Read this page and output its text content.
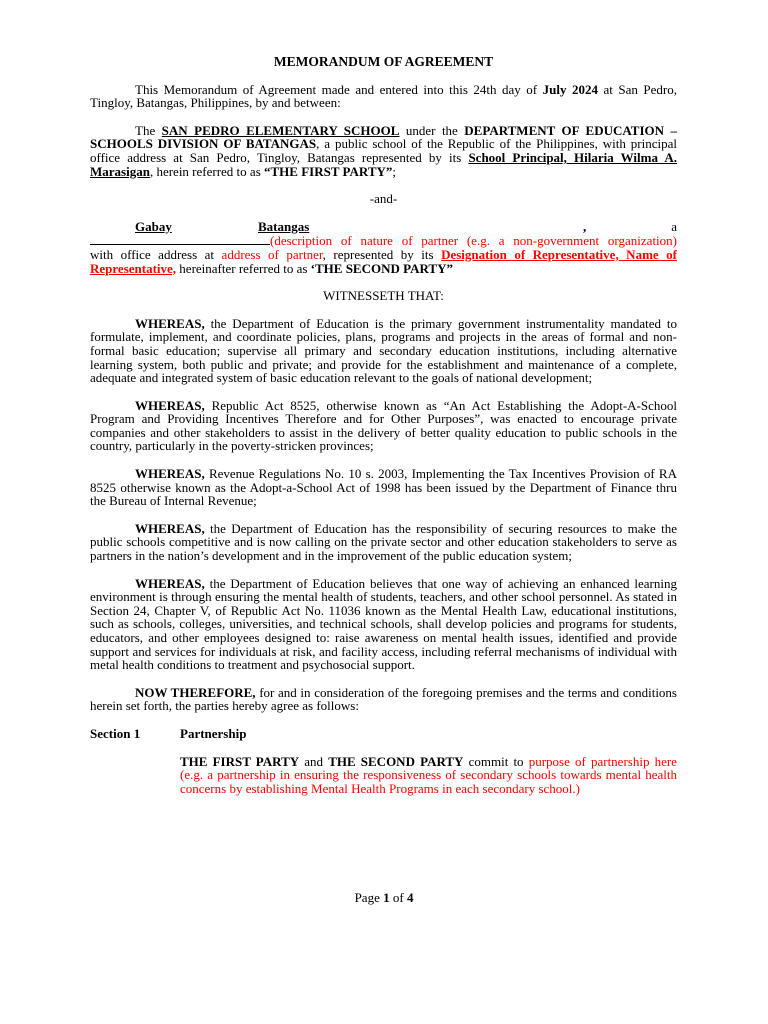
MEMORANDUM OF AGREEMENT

This Memorandum of Agreement made and entered into this 24th day of July 2024 at San Pedro, Tingloy, Batangas, Philippines, by and between:

The SAN PEDRO ELEMENTARY SCHOOL under the DEPARTMENT OF EDUCATION – SCHOOLS DIVISION OF BATANGAS, a public school of the Republic of the Philippines, with principal office address at San Pedro, Tingloy, Batangas represented by its School Principal, Hilaria Wilma A. Marasigan, herein referred to as “THE FIRST PARTY”;

-and-

Gabay	Batangas	,	a

(description of nature of partner (e.g. a non-government organization)

with office address at address of partner, represented by its Designation of Representative, Name of Representative, hereinafter referred to as ‘THE SECOND PARTY”

WITNESSETH THAT:

WHEREAS, the Department of Education is the primary government instrumentality mandated to formulate, implement, and coordinate policies, plans, programs and projects in the areas of formal and non-formal basic education; supervise all primary and secondary education institutions, including alternative learning system, both public and private; and provide for the establishment and maintenance of a complete, adequate and integrated system of basic education relevant to the goals of national development;

WHEREAS, Republic Act 8525, otherwise known as “An Act Establishing the Adopt-A-School Program and Providing Incentives Therefore and for Other Purposes”, was enacted to encourage private companies and other stakeholders to assist in the delivery of better quality education to public schools in the country, particularly in the poverty-stricken provinces;

WHEREAS, Revenue Regulations No. 10 s. 2003, Implementing the Tax Incentives Provision of RA 8525 otherwise known as the Adopt-a-School Act of 1998 has been issued by the Department of Finance thru the Bureau of Internal Revenue;

WHEREAS, the Department of Education has the responsibility of securing resources to make the public schools competitive and is now calling on the private sector and other education stakeholders to serve as partners in the nation’s development and in the improvement of the public education system;

WHEREAS, the Department of Education believes that one way of achieving an enhanced learning environment is through ensuring the mental health of students, teachers, and other school personnel. As stated in Section 24, Chapter V, of Republic Act No. 11036 known as the Mental Health Law, educational institutions, such as schools, colleges, universities, and technical schools, shall develop policies and programs for students, educators, and other employees designed to: raise awareness on mental health issues, identified and provide support and services for individuals at risk, and facility access, including referral mechanisms of individual with metal health conditions to treatment and psychosocial support.

NOW THEREFORE, for and in consideration of the foregoing premises and the terms and conditions herein set forth, the parties hereby agree as follows:

Section 1	Partnership

THE FIRST PARTY and THE SECOND PARTY commit to purpose of partnership here (e.g. a partnership in ensuring the responsiveness of secondary schools towards mental health concerns by establishing Mental Health Programs in each secondary school.)

Page 1 of 4
